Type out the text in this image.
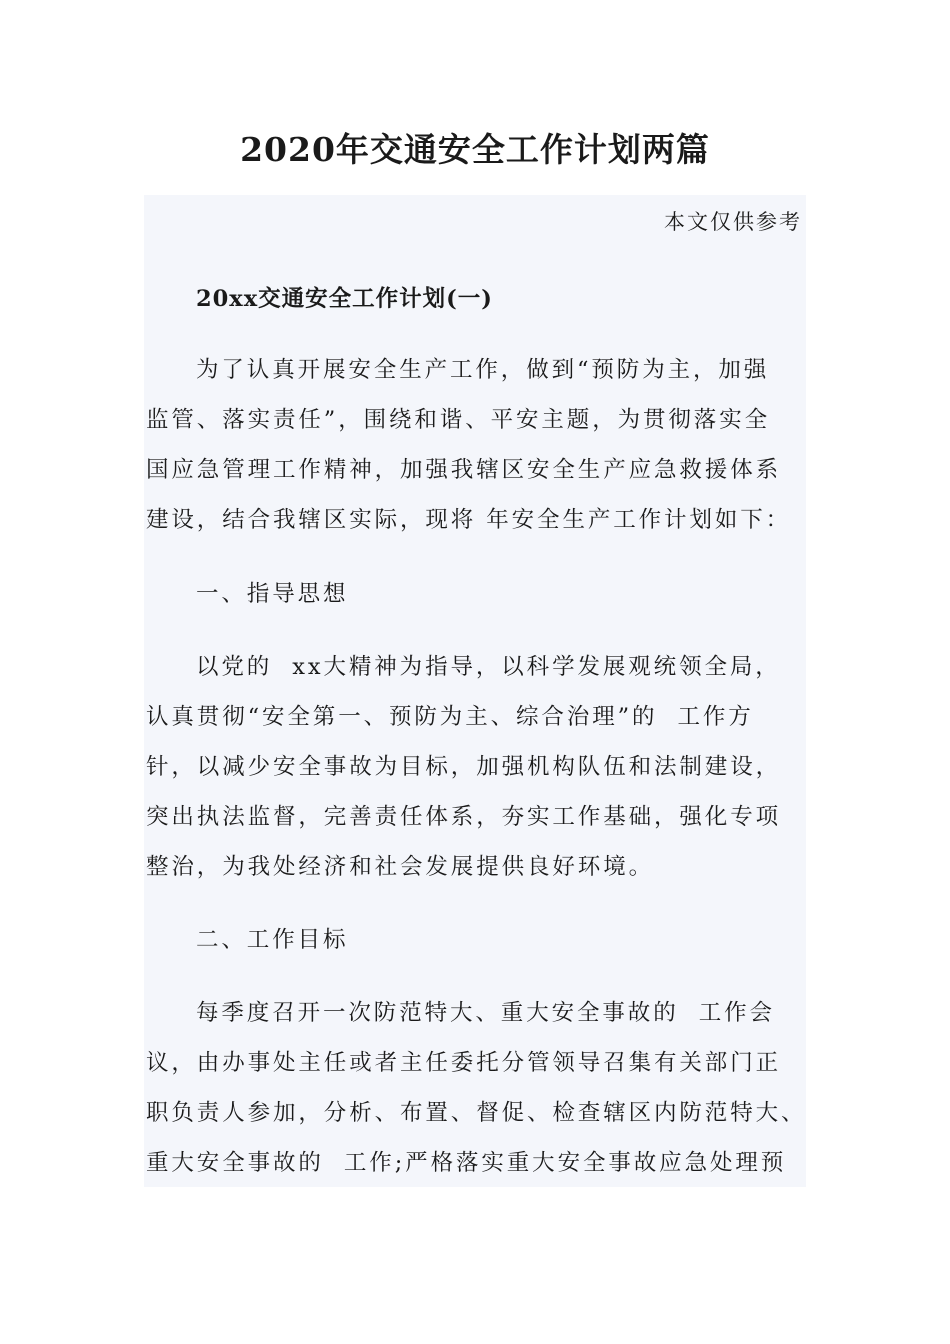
2020年交通安全工作计划两篇
本文仅供参考
20xx交通安全工作计划(一)
为了认真开展安全生产工作，做到“预防为主，加强
监管、落实责任”，围绕和谐、平安主题，为贯彻落实全
国应急管理工作精神，加强我辖区安全生产应急救援体系
建设，结合我辖区实际，现将 年安全生产工作计划如下：
一、指导思想
以党的  xx大精神为指导，以科学发展观统领全局，
认真贯彻“安全第一、预防为主、综合治理”的  工作方
针，以减少安全事故为目标，加强机构队伍和法制建设，
突出执法监督，完善责任体系，夯实工作基础，强化专项
整治，为我处经济和社会发展提供良好环境。
二、工作目标
每季度召开一次防范特大、重大安全事故的  工作会
议，由办事处主任或者主任委托分管领导召集有关部门正
职负责人参加，分析、布置、督促、检查辖区内防范特大、
重大安全事故的  工作;严格落实重大安全事故应急处理预
